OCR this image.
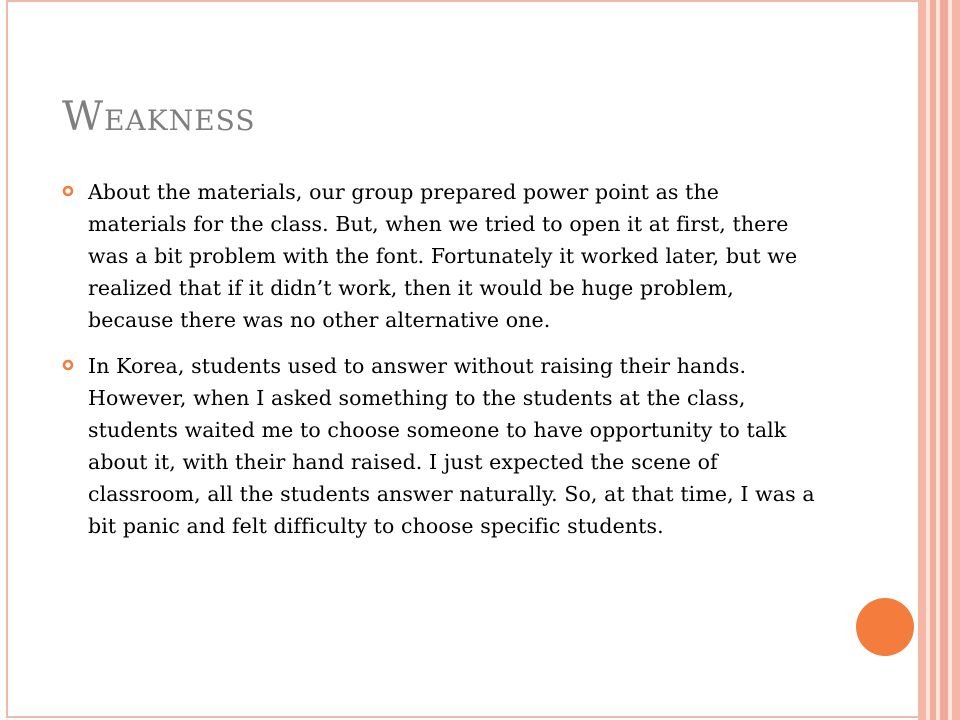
Weakness
About the materials, our group prepared power point as the materials for the class. But, when we tried to open it at first, there was a bit problem with the font. Fortunately it worked later, but we realized that if it didn’t work, then it would be huge problem, because there was no other alternative one.
In Korea, students used to answer without raising their hands. However, when I asked something to the students at the class, students waited me to choose someone to have opportunity to talk about it, with their hand raised. I just expected the scene of classroom, all the students answer naturally. So, at that time, I was a bit panic and felt difficulty to choose specific students.
